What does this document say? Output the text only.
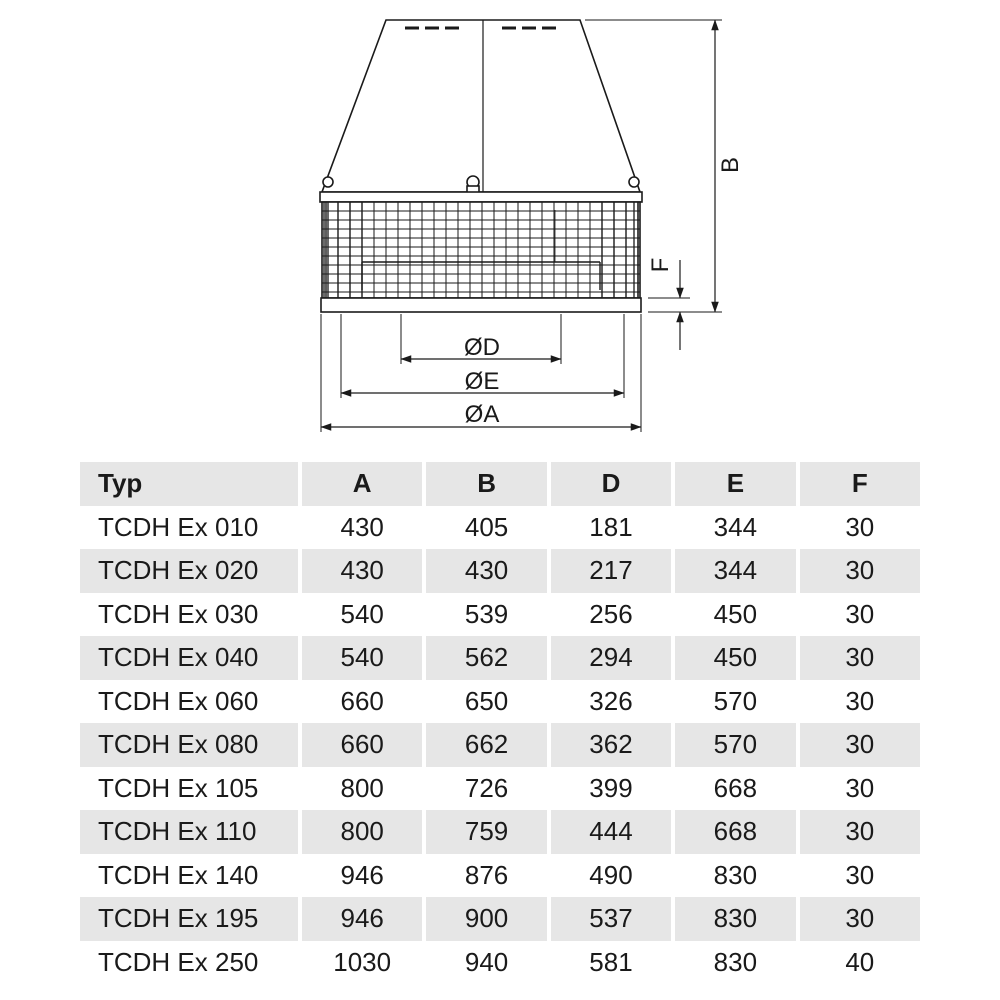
ØD
ØE
ØA
B
F
Typ	A	B	D	E	F
TCDH Ex 010	430	405	181	344	30
TCDH Ex 020	430	430	217	344	30
TCDH Ex 030	540	539	256	450	30
TCDH Ex 040	540	562	294	450	30
TCDH Ex 060	660	650	326	570	30
TCDH Ex 080	660	662	362	570	30
TCDH Ex 105	800	726	399	668	30
TCDH Ex 110	800	759	444	668	30
TCDH Ex 140	946	876	490	830	30
TCDH Ex 195	946	900	537	830	30
TCDH Ex 250	1030	940	581	830	40
